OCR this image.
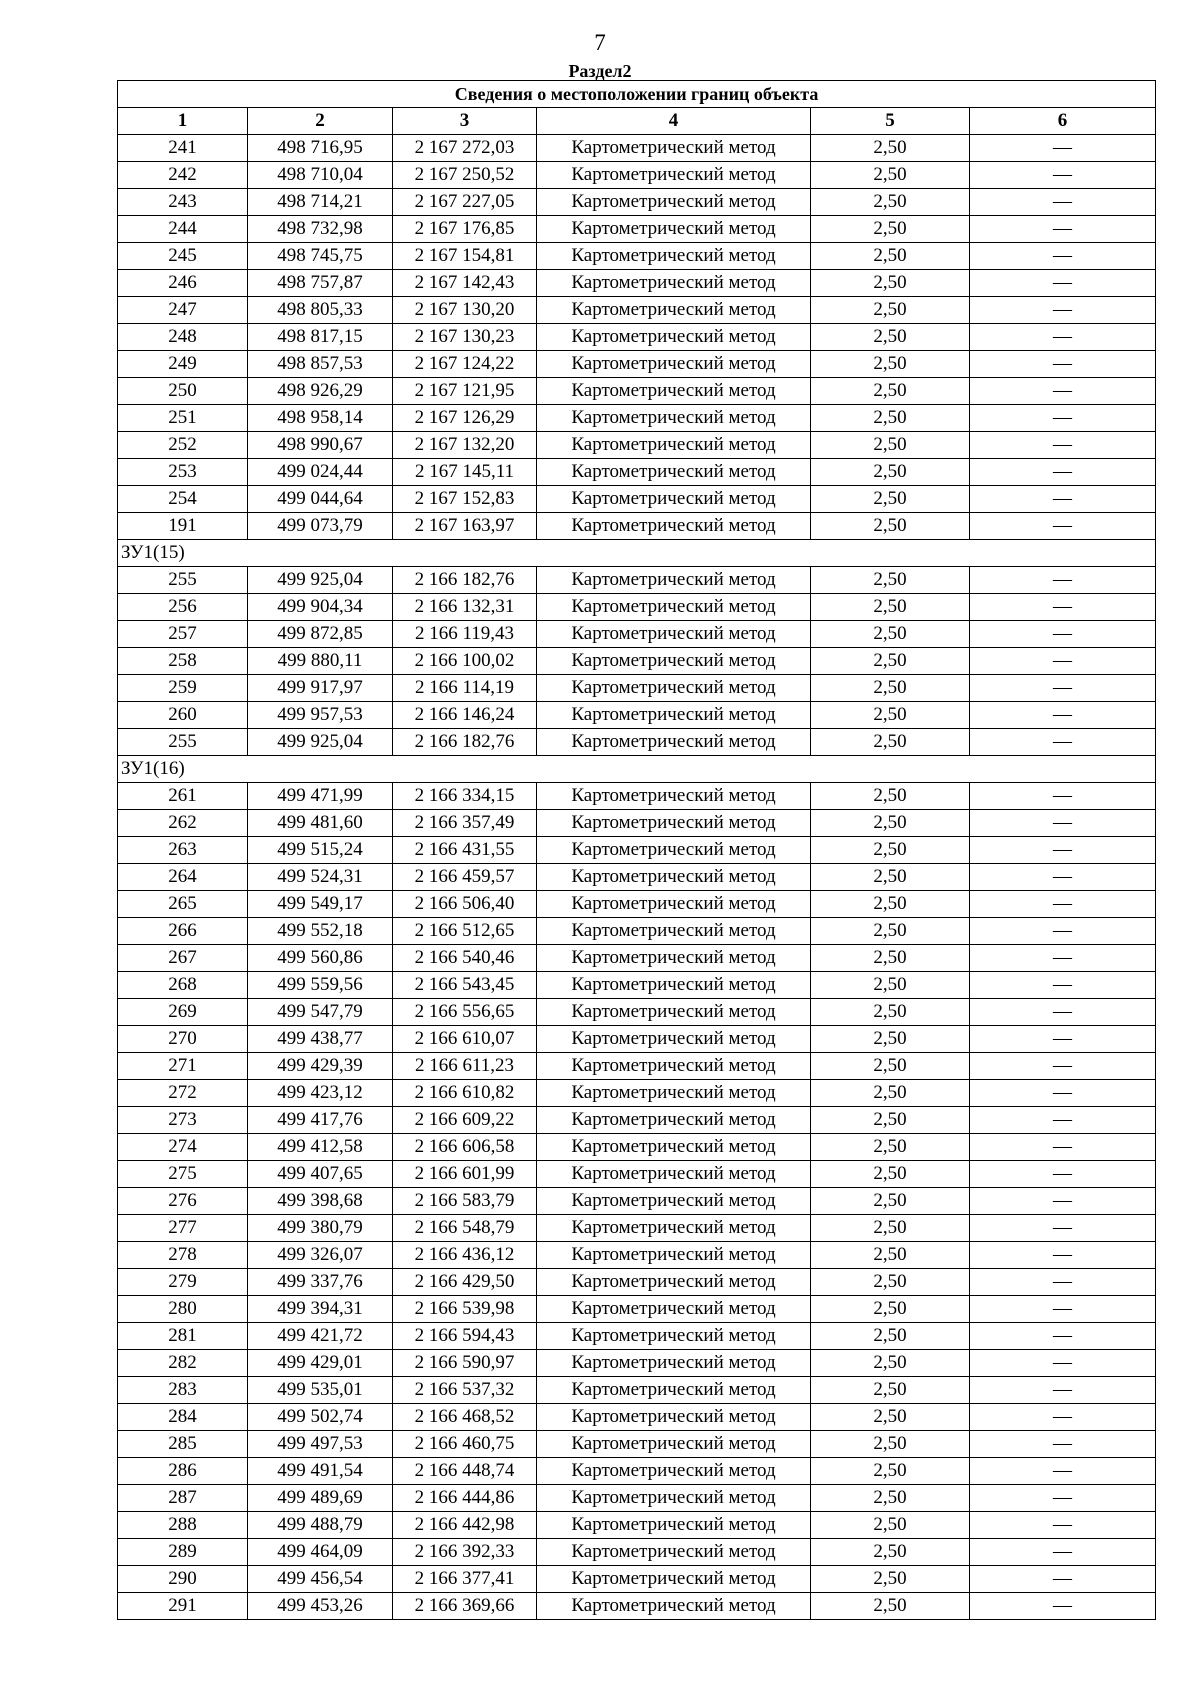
7
Раздел2
Сведения о местоположении границ объекта					
1	2	3	4	5	6
241	498 716,95	2 167 272,03	Картометрический метод	2,50	—
242	498 710,04	2 167 250,52	Картометрический метод	2,50	—
243	498 714,21	2 167 227,05	Картометрический метод	2,50	—
244	498 732,98	2 167 176,85	Картометрический метод	2,50	—
245	498 745,75	2 167 154,81	Картометрический метод	2,50	—
246	498 757,87	2 167 142,43	Картометрический метод	2,50	—
247	498 805,33	2 167 130,20	Картометрический метод	2,50	—
248	498 817,15	2 167 130,23	Картометрический метод	2,50	—
249	498 857,53	2 167 124,22	Картометрический метод	2,50	—
250	498 926,29	2 167 121,95	Картометрический метод	2,50	—
251	498 958,14	2 167 126,29	Картометрический метод	2,50	—
252	498 990,67	2 167 132,20	Картометрический метод	2,50	—
253	499 024,44	2 167 145,11	Картометрический метод	2,50	—
254	499 044,64	2 167 152,83	Картометрический метод	2,50	—
191	499 073,79	2 167 163,97	Картометрический метод	2,50	—
ЗУ1(15)					
255	499 925,04	2 166 182,76	Картометрический метод	2,50	—
256	499 904,34	2 166 132,31	Картометрический метод	2,50	—
257	499 872,85	2 166 119,43	Картометрический метод	2,50	—
258	499 880,11	2 166 100,02	Картометрический метод	2,50	—
259	499 917,97	2 166 114,19	Картометрический метод	2,50	—
260	499 957,53	2 166 146,24	Картометрический метод	2,50	—
255	499 925,04	2 166 182,76	Картометрический метод	2,50	—
ЗУ1(16)					
261	499 471,99	2 166 334,15	Картометрический метод	2,50	—
262	499 481,60	2 166 357,49	Картометрический метод	2,50	—
263	499 515,24	2 166 431,55	Картометрический метод	2,50	—
264	499 524,31	2 166 459,57	Картометрический метод	2,50	—
265	499 549,17	2 166 506,40	Картометрический метод	2,50	—
266	499 552,18	2 166 512,65	Картометрический метод	2,50	—
267	499 560,86	2 166 540,46	Картометрический метод	2,50	—
268	499 559,56	2 166 543,45	Картометрический метод	2,50	—
269	499 547,79	2 166 556,65	Картометрический метод	2,50	—
270	499 438,77	2 166 610,07	Картометрический метод	2,50	—
271	499 429,39	2 166 611,23	Картометрический метод	2,50	—
272	499 423,12	2 166 610,82	Картометрический метод	2,50	—
273	499 417,76	2 166 609,22	Картометрический метод	2,50	—
274	499 412,58	2 166 606,58	Картометрический метод	2,50	—
275	499 407,65	2 166 601,99	Картометрический метод	2,50	—
276	499 398,68	2 166 583,79	Картометрический метод	2,50	—
277	499 380,79	2 166 548,79	Картометрический метод	2,50	—
278	499 326,07	2 166 436,12	Картометрический метод	2,50	—
279	499 337,76	2 166 429,50	Картометрический метод	2,50	—
280	499 394,31	2 166 539,98	Картометрический метод	2,50	—
281	499 421,72	2 166 594,43	Картометрический метод	2,50	—
282	499 429,01	2 166 590,97	Картометрический метод	2,50	—
283	499 535,01	2 166 537,32	Картометрический метод	2,50	—
284	499 502,74	2 166 468,52	Картометрический метод	2,50	—
285	499 497,53	2 166 460,75	Картометрический метод	2,50	—
286	499 491,54	2 166 448,74	Картометрический метод	2,50	—
287	499 489,69	2 166 444,86	Картометрический метод	2,50	—
288	499 488,79	2 166 442,98	Картометрический метод	2,50	—
289	499 464,09	2 166 392,33	Картометрический метод	2,50	—
290	499 456,54	2 166 377,41	Картометрический метод	2,50	—
291	499 453,26	2 166 369,66	Картометрический метод	2,50	—
